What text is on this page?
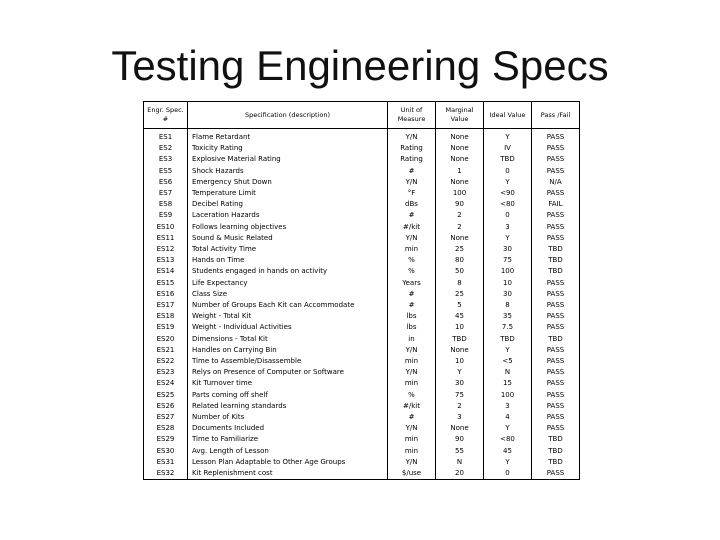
Testing Engineering Specs
Engr. Spec. #	Specification (description)	Unit of Measure	Marginal Value	Ideal Value	Pass /Fail
ES1	Flame Retardant	Y/N	None	Y	PASS
ES2	Toxicity Rating	Rating	None	IV	PASS
ES3	Explosive Material Rating	Rating	None	TBD	PASS
ES5	Shock Hazards	#	1	0	PASS
ES6	Emergency Shut Down	Y/N	None	Y	N/A
ES7	Temperature Limit	°F	100	<90	PASS
ES8	Decibel Rating	dBs	90	<80	FAIL
ES9	Laceration Hazards	#	2	0	PASS
ES10	Follows learning objectives	#/kit	2	3	PASS
ES11	Sound & Music Related	Y/N	None	Y	PASS
ES12	Total Activity Time	min	25	30	TBD
ES13	Hands on Time	%	80	75	TBD
ES14	Students engaged in hands on activity	%	50	100	TBD
ES15	Life Expectancy	Years	8	10	PASS
ES16	Class Size	#	25	30	PASS
ES17	Number of Groups Each Kit can Accommodate	#	5	8	PASS
ES18	Weight - Total Kit	lbs	45	35	PASS
ES19	Weight - Individual Activities	lbs	10	7.5	PASS
ES20	Dimensions - Total Kit	in	TBD	TBD	TBD
ES21	Handles on Carrying Bin	Y/N	None	Y	PASS
ES22	Time to Assemble/Disassemble	min	10	<5	PASS
ES23	Relys on Presence of Computer or Software	Y/N	Y	N	PASS
ES24	Kit Turnover time	min	30	15	PASS
ES25	Parts coming off shelf	%	75	100	PASS
ES26	Related learning standards	#/kit	2	3	PASS
ES27	Number of Kits	#	3	4	PASS
ES28	Documents Included	Y/N	None	Y	PASS
ES29	Time to Familiarize	min	90	<80	TBD
ES30	Avg. Length of Lesson	min	55	45	TBD
ES31	Lesson Plan Adaptable to Other Age Groups	Y/N	N	Y	TBD
ES32	Kit Replenishment cost	$/use	20	0	PASS
